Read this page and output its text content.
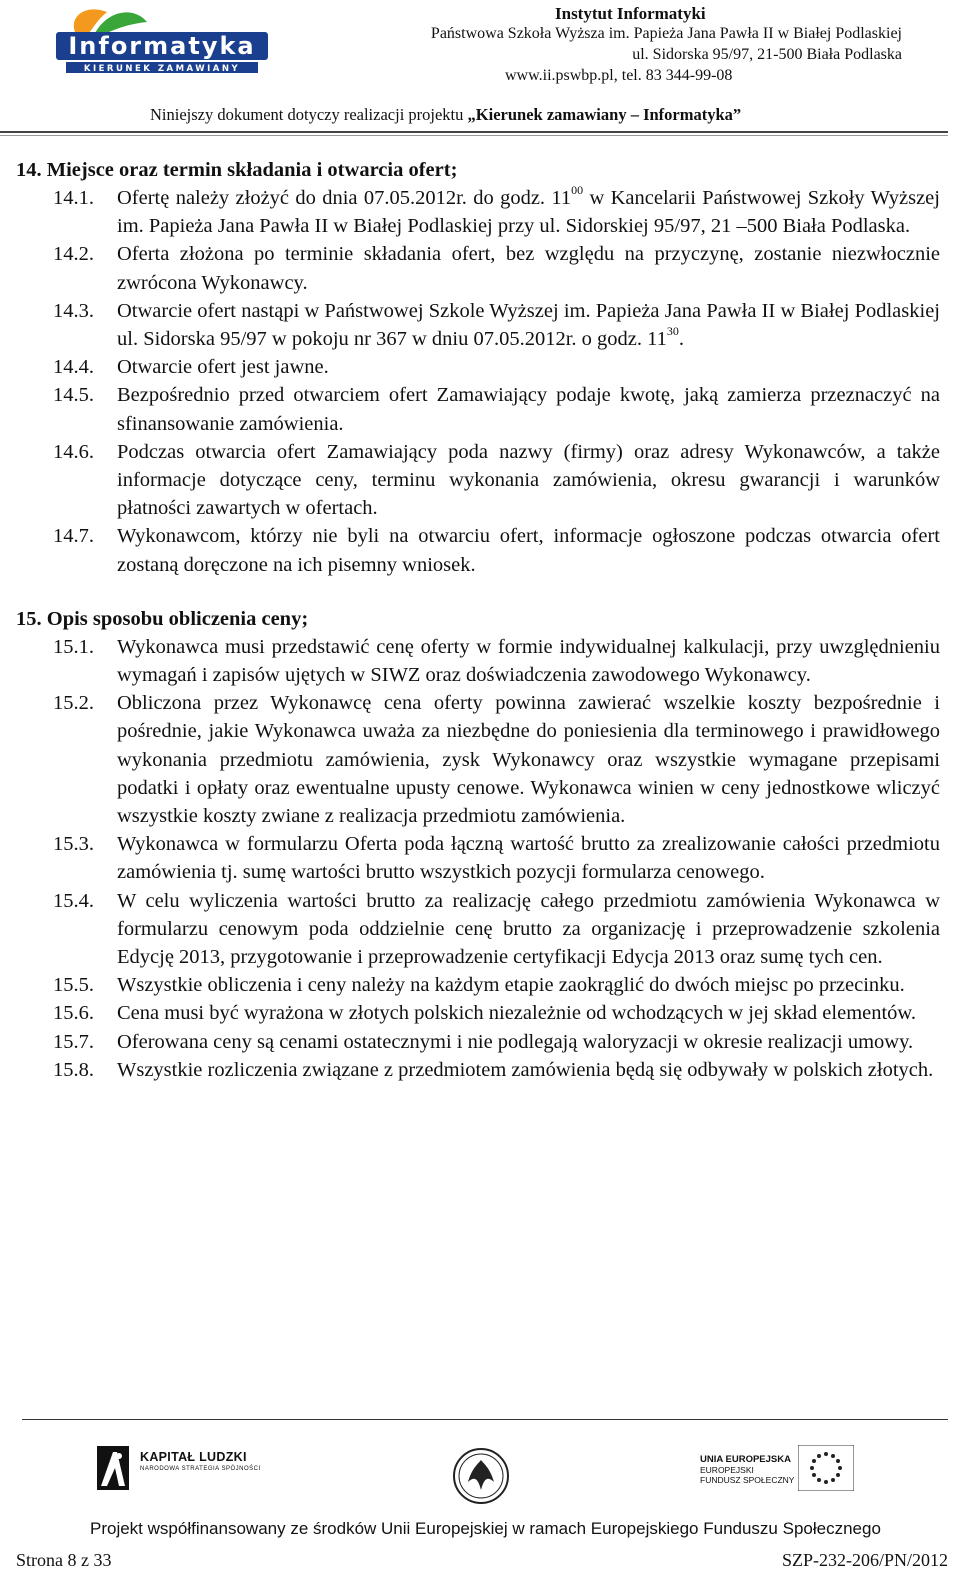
Informatyka
KIERUNEK ZAMAWIANY
Instytut Informatyki
Państwowa Szkoła Wyższa im. Papieża Jana Pawła II w Białej Podlaskiej
ul. Sidorska 95/97, 21-500 Biała Podlaska
www.ii.pswbp.pl, tel. 83 344-99-08
Niniejszy dokument dotyczy realizacji projektu „Kierunek zamawiany – Informatyka”

14. Miejsce oraz termin składania i otwarcia ofert;

14.1.	Ofertę należy złożyć do dnia 07.05.2012r. do godz. $11^{00}$ w Kancelarii Państwowej Szkoły Wyższej im. Papieża Jana Pawła II w Białej Podlaskiej przy ul. Sidorskiej 95/97, 21 –500 Biała Podlaska.
14.2.	Oferta złożona po terminie składania ofert, bez względu na przyczynę, zostanie niezwłocznie zwrócona Wykonawcy.
14.3.	Otwarcie ofert nastąpi w Państwowej Szkole Wyższej im. Papieża Jana Pawła II w Białej Podlaskiej ul. Sidorska 95/97 w pokoju nr 367 w dniu 07.05.2012r. o godz. $11^{30}$.
14.4.	Otwarcie ofert jest jawne.
14.5.	Bezpośrednio przed otwarciem ofert Zamawiający podaje kwotę, jaką zamierza przeznaczyć na sfinansowanie zamówienia.
14.6.	Podczas otwarcia ofert Zamawiający poda nazwy (firmy) oraz adresy Wykonawców, a także informacje dotyczące ceny, terminu wykonania zamówienia, okresu gwarancji i warunków płatności zawartych w ofertach.
14.7.	Wykonawcom, którzy nie byli na otwarciu ofert, informacje ogłoszone podczas otwarcia ofert zostaną doręczone na ich pisemny wniosek.

15. Opis sposobu obliczenia ceny;

15.1.	Wykonawca musi przedstawić cenę oferty w formie indywidualnej kalkulacji, przy uwzględnieniu wymagań i zapisów ujętych w SIWZ oraz doświadczenia zawodowego Wykonawcy.
15.2.	Obliczona przez Wykonawcę cena oferty powinna zawierać wszelkie koszty bezpośrednie i pośrednie, jakie Wykonawca uważa za niezbędne do poniesienia dla terminowego i prawidłowego wykonania przedmiotu zamówienia, zysk Wykonawcy oraz wszystkie wymagane przepisami podatki i opłaty oraz ewentualne upusty cenowe. Wykonawca winien w ceny jednostkowe wliczyć wszystkie koszty zwiane z realizacja przedmiotu zamówienia.
15.3.	Wykonawca w formularzu Oferta poda łączną wartość brutto za zrealizowanie całości przedmiotu zamówienia tj. sumę wartości brutto wszystkich pozycji formularza cenowego.
15.4.	W celu wyliczenia wartości brutto za realizację całego przedmiotu zamówienia Wykonawca w formularzu cenowym poda oddzielnie cenę brutto za organizację i przeprowadzenie szkolenia Edycję 2013, przygotowanie i przeprowadzenie certyfikacji Edycja 2013 oraz sumę tych cen.
15.5.	Wszystkie obliczenia i ceny należy na każdym etapie zaokrąglić do dwóch miejsc po przecinku.
15.6.	Cena musi być wyrażona w złotych polskich niezależnie od wchodzących w jej skład elementów.
15.7.	Oferowana ceny są cenami ostatecznymi i nie podlegają waloryzacji w okresie realizacji umowy.
15.8.	Wszystkie rozliczenia związane z przedmiotem zamówienia będą się odbywały w polskich złotych.
KAPITAŁ LUDZKI
NARODOWA STRATEGIA SPÓJNOŚCI
UNIA EUROPEJSKA
EUROPEJSKI
FUNDUSZ SPOŁECZNY
Projekt współfinansowany ze środków Unii Europejskiej w ramach Europejskiego Funduszu Społecznego
Strona 8 z 33	SZP-232-206/PN/2012
